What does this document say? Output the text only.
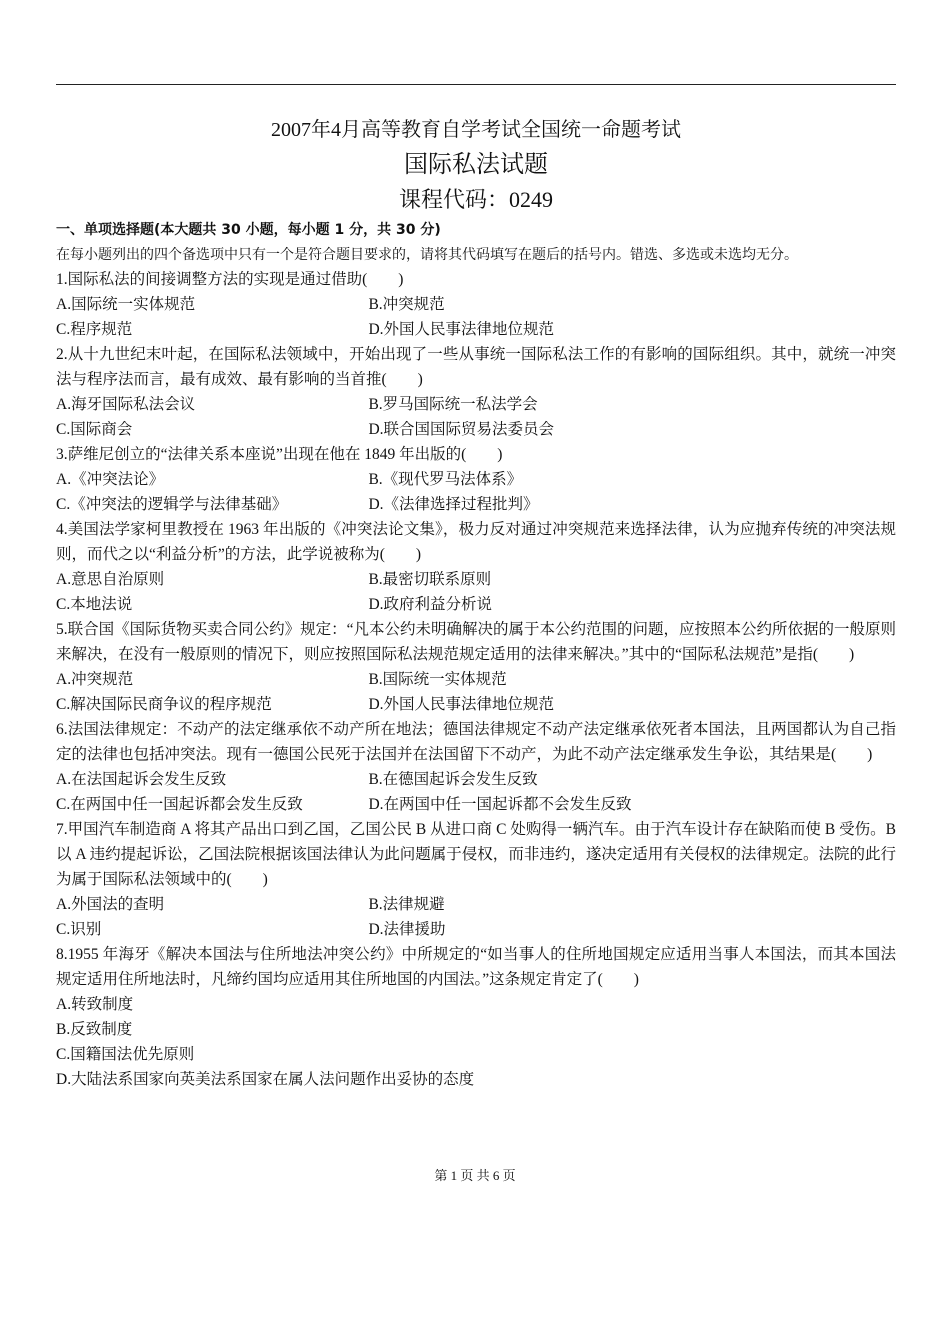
2007年4月高等教育自学考试全国统一命题考试
国际私法试题
课程代码：0249
一、单项选择题(本大题共 30 小题，每小题 1 分，共 30 分)
在每小题列出的四个备选项中只有一个是符合题目要求的，请将其代码填写在题后的括号内。错选、多选或未选均无分。
1.国际私法的间接调整方法的实现是通过借助(　　)
A.国际统一实体规范	B.冲突规范
C.程序规范	D.外国人民事法律地位规范
2.从十九世纪末叶起，在国际私法领域中，开始出现了一些从事统一国际私法工作的有影响的国际组织。其中，就统一冲突法与程序法而言，最有成效、最有影响的当首推(　　)
A.海牙国际私法会议	B.罗马国际统一私法学会
C.国际商会	D.联合国国际贸易法委员会
3.萨维尼创立的“法律关系本座说”出现在他在 1849 年出版的(　　)
A.《冲突法论》	B.《现代罗马法体系》
C.《冲突法的逻辑学与法律基础》	D.《法律选择过程批判》
4.美国法学家柯里教授在 1963 年出版的《冲突法论文集》，极力反对通过冲突规范来选择法律，认为应抛弃传统的冲突法规则，而代之以“利益分析”的方法，此学说被称为(　　)
A.意思自治原则	B.最密切联系原则
C.本地法说	D.政府利益分析说
5.联合国《国际货物买卖合同公约》规定：“凡本公约未明确解决的属于本公约范围的问题，应按照本公约所依据的一般原则来解决，在没有一般原则的情况下，则应按照国际私法规范规定适用的法律来解决。”其中的“国际私法规范”是指(　　)
A.冲突规范	B.国际统一实体规范
C.解决国际民商争议的程序规范	D.外国人民事法律地位规范
6.法国法律规定：不动产的法定继承依不动产所在地法；德国法律规定不动产法定继承依死者本国法，且两国都认为自己指定的法律也包括冲突法。现有一德国公民死于法国并在法国留下不动产，为此不动产法定继承发生争讼，其结果是(　　)
A.在法国起诉会发生反致	B.在德国起诉会发生反致
C.在两国中任一国起诉都会发生反致	D.在两国中任一国起诉都不会发生反致
7.甲国汽车制造商 A 将其产品出口到乙国，乙国公民 B 从进口商 C 处购得一辆汽车。由于汽车设计存在缺陷而使 B 受伤。B 以 A 违约提起诉讼，乙国法院根据该国法律认为此问题属于侵权，而非违约，遂决定适用有关侵权的法律规定。法院的此行为属于国际私法领域中的(　　)
A.外国法的查明	B.法律规避
C.识别	D.法律援助
8.1955 年海牙《解决本国法与住所地法冲突公约》中所规定的“如当事人的住所地国规定应适用当事人本国法，而其本国法规定适用住所地法时，凡缔约国均应适用其住所地国的内国法。”这条规定肯定了(　　)
A.转致制度
B.反致制度
C.国籍国法优先原则
D.大陆法系国家向英美法系国家在属人法问题作出妥协的态度
第 1 页 共 6 页
